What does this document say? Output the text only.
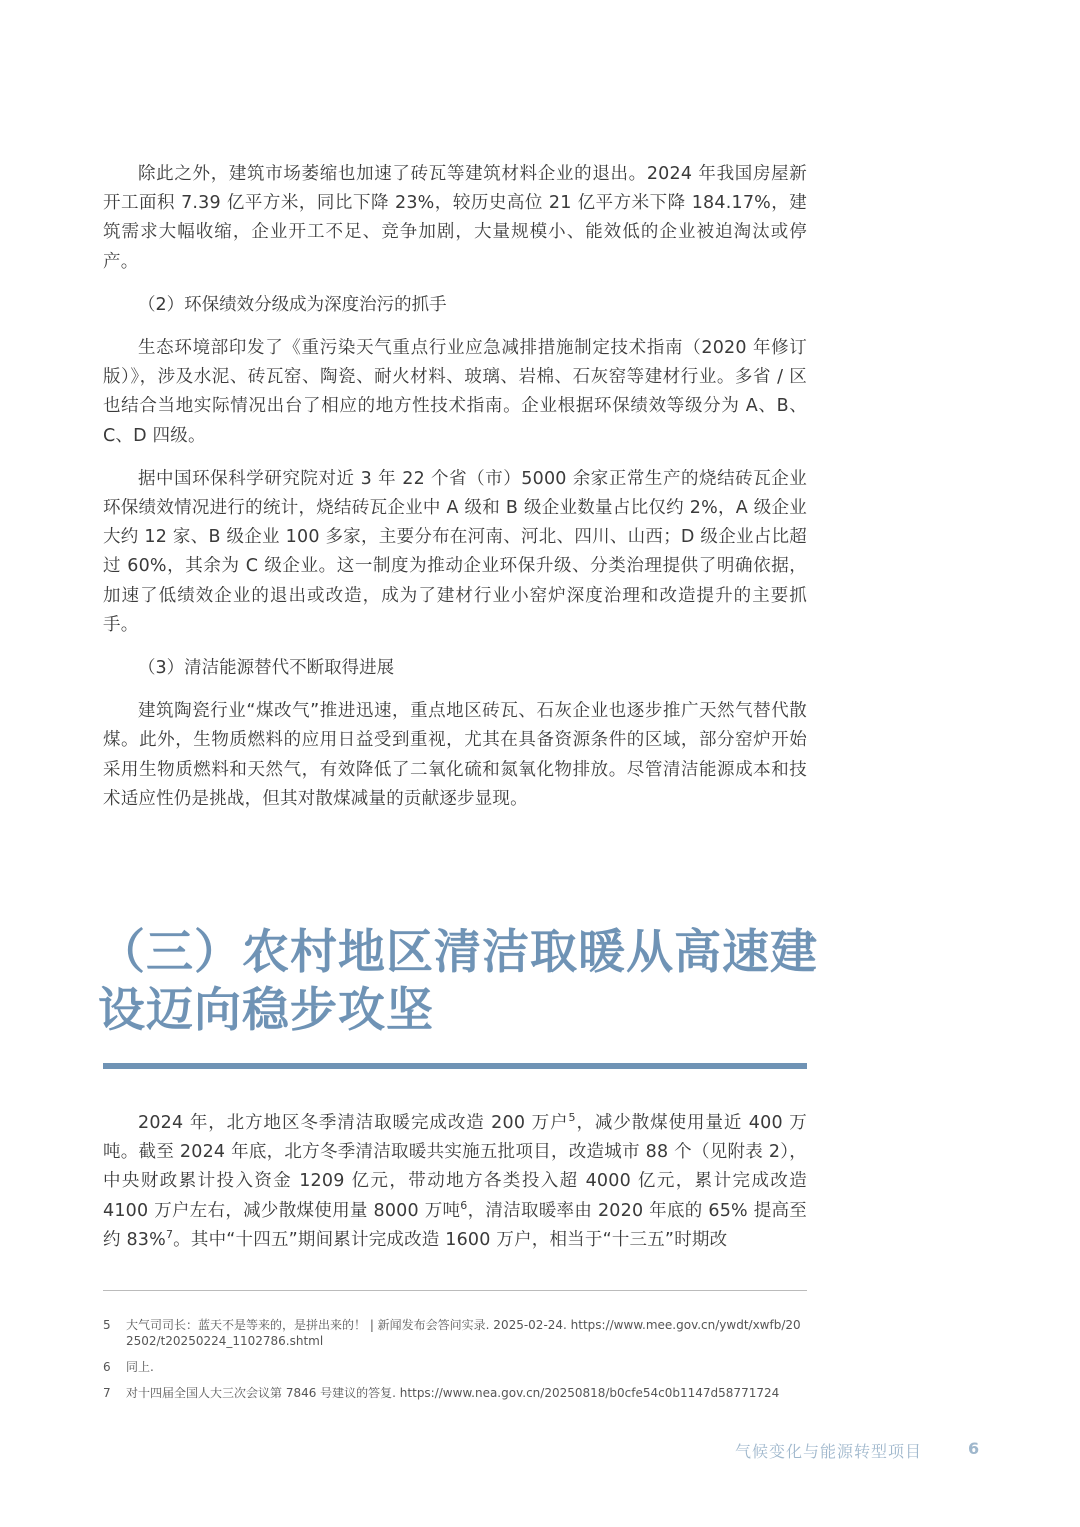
除此之外，建筑市场萎缩也加速了砖瓦等建筑材料企业的退出。2024 年我国房屋新开工面积 7.39 亿平方米，同比下降 23%，较历史高位 21 亿平方米下降 184.17%，建筑需求大幅收缩，企业开工不足、竞争加剧，大量规模小、能效低的企业被迫淘汰或停产。

（2）环保绩效分级成为深度治污的抓手

生态环境部印发了《重污染天气重点行业应急减排措施制定技术指南（2020 年修订版）》，涉及水泥、砖瓦窑、陶瓷、耐火材料、玻璃、岩棉、石灰窑等建材行业。多省 / 区也结合当地实际情况出台了相应的地方性技术指南。企业根据环保绩效等级分为 A、B、C、D 四级。

据中国环保科学研究院对近 3 年 22 个省（市）5000 余家正常生产的烧结砖瓦企业环保绩效情况进行的统计，烧结砖瓦企业中 A 级和 B 级企业数量占比仅约 2%，A 级企业大约 12 家、B 级企业 100 多家，主要分布在河南、河北、四川、山西；D 级企业占比超过 60%，其余为 C 级企业。这一制度为推动企业环保升级、分类治理提供了明确依据，加速了低绩效企业的退出或改造，成为了建材行业小窑炉深度治理和改造提升的主要抓手。

（3）清洁能源替代不断取得进展

建筑陶瓷行业“煤改气”推进迅速，重点地区砖瓦、石灰企业也逐步推广天然气替代散煤。此外，生物质燃料的应用日益受到重视，尤其在具备资源条件的区域，部分窑炉开始采用生物质燃料和天然气，有效降低了二氧化硫和氮氧化物排放。尽管清洁能源成本和技术适应性仍是挑战，但其对散煤减量的贡献逐步显现。

（三）农村地区清洁取暖从高速建设迈向稳步攻坚

2024 年，北方地区冬季清洁取暖完成改造 200 万户$^5$，减少散煤使用量近 400 万吨。截至 2024 年底，北方冬季清洁取暖共实施五批项目，改造城市 88 个（见附表 2），中央财政累计投入资金 1209 亿元，带动地方各类投入超 4000 亿元，累计完成改造 4100 万户左右，减少散煤使用量 8000 万吨$^6$，清洁取暖率由 2020 年底的 65% 提高至约 83%$^7$。其中“十四五”期间累计完成改造 1600 万户，相当于“十三五”时期改

5	大气司司长：蓝天不是等来的，是拼出来的！ | 新闻发布会答问实录. 2025-02-24. https://www.mee.gov.cn/ywdt/xwfb/202502/t20250224_1102786.shtml
6	同上.
7	对十四届全国人大三次会议第 7846 号建议的答复. https://www.nea.gov.cn/20250818/b0cfe54c0b1147d58771724
气候变化与能源转型项目	6
